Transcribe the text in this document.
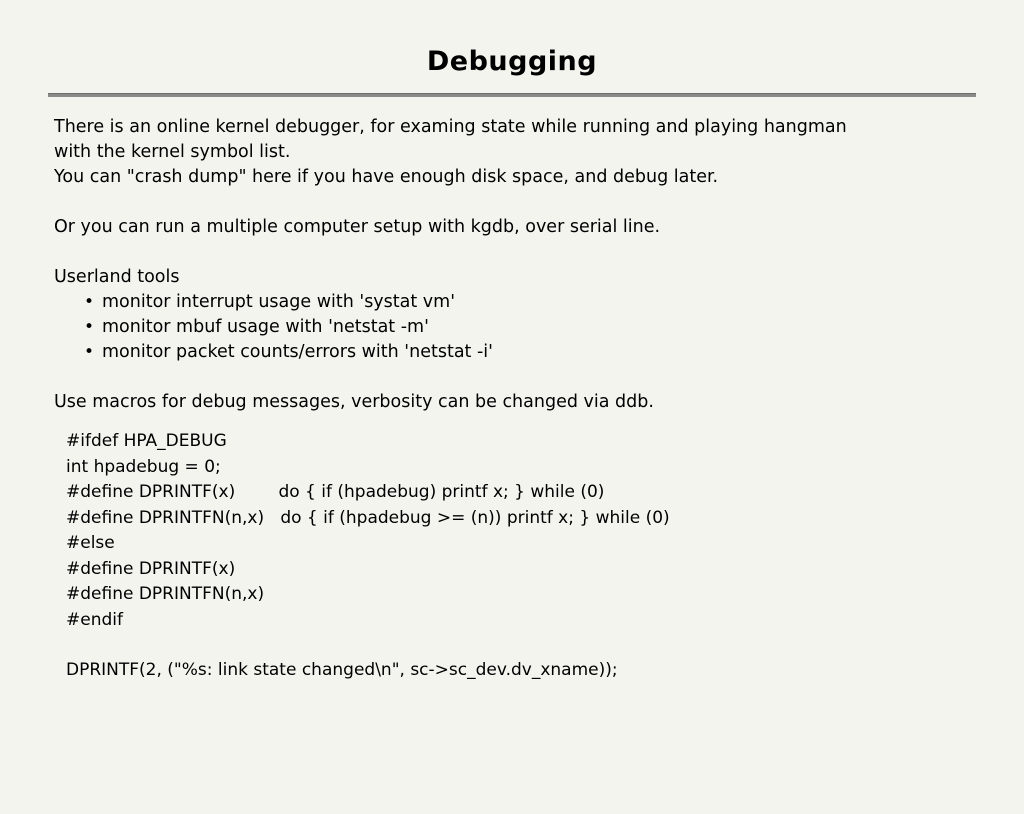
Debugging
There is an online kernel debugger, for examing state while running and playing hangman
with the kernel symbol list.
You can "crash dump" here if you have enough disk space, and debug later.
Or you can run a multiple computer setup with kgdb, over serial line.
Userland tools
• monitor interrupt usage with 'systat vm'
• monitor mbuf usage with 'netstat -m'
• monitor packet counts/errors with 'netstat -i'
Use macros for debug messages, verbosity can be changed via ddb.
#ifdef HPA_DEBUG
int hpadebug = 0;
#define DPRINTF(x)        do { if (hpadebug) printf x; } while (0)
#define DPRINTFN(n,x)   do { if (hpadebug >= (n)) printf x; } while (0)
#else
#define DPRINTF(x)
#define DPRINTFN(n,x)
#endif
DPRINTF(2, ("%s: link state changed\n", sc->sc_dev.dv_xname));
